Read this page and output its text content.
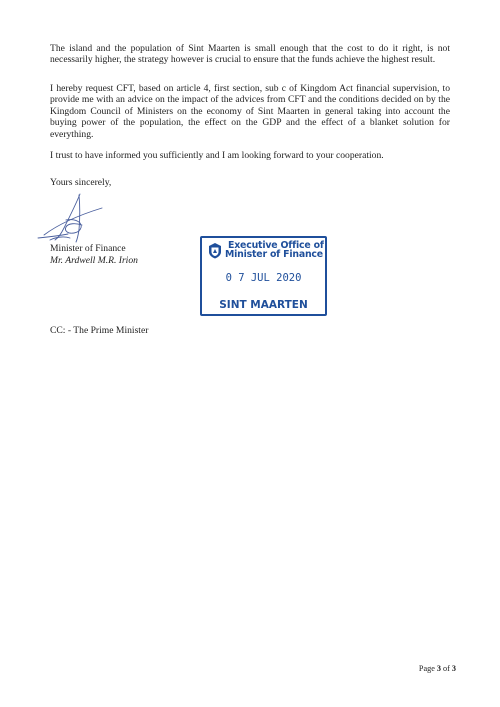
The island and the population of Sint Maarten is small enough that the cost to do it right, is not necessarily higher, the strategy however is crucial to ensure that the funds achieve the highest result.

I hereby request CFT, based on article 4, first section, sub c of Kingdom Act financial supervision, to provide me with an advice on the impact of the advices from CFT and the conditions decided on by the Kingdom Council of Ministers on the economy of Sint Maarten in general taking into account the buying power of the population, the effect on the GDP and the effect of a blanket solution for everything.

I trust to have informed you sufficiently and I am looking forward to your cooperation.

Yours sincerely,
Minister of Finance
Mr. Ardwell M.R. Irion
Executive Office of
Minister of Finance
0 7 JUL 2020
SINT MAARTEN
CC: - The Prime Minister
Page 3 of 3
